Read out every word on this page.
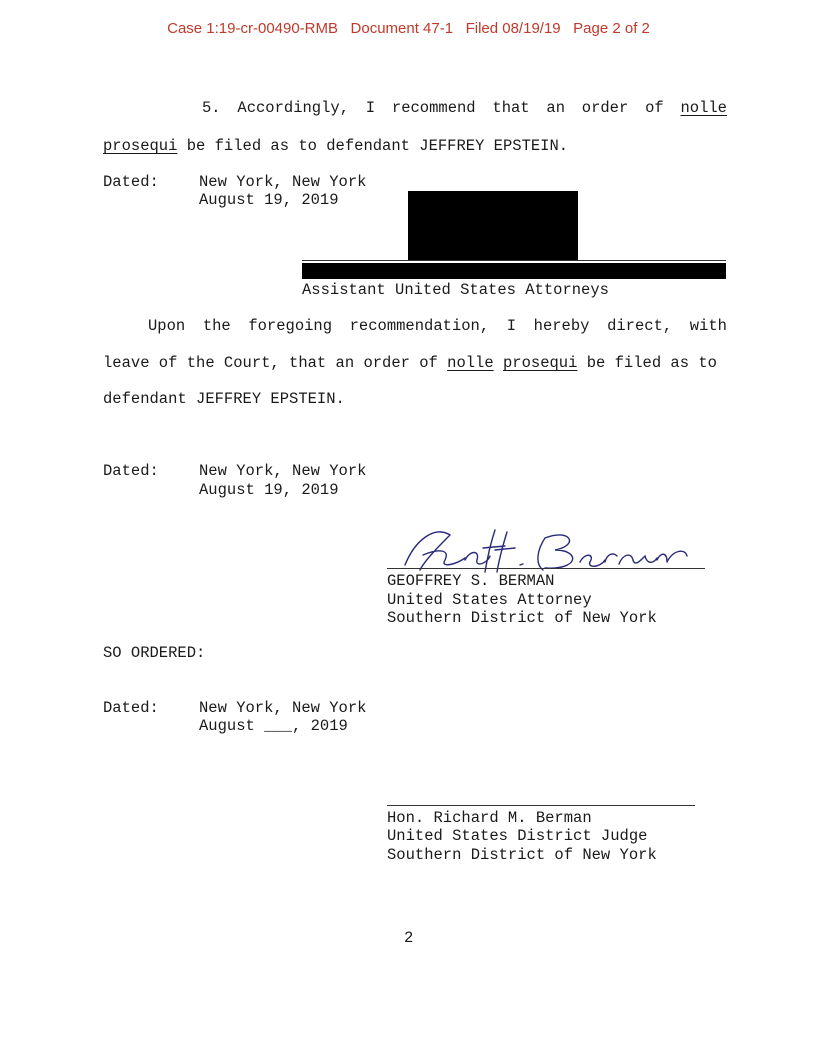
Case 1:19-cr-00490-RMB   Document 47-1   Filed 08/19/19   Page 2 of 2
5. Accordingly, I recommend that an order of nolle
prosequi be filed as to defendant JEFFREY EPSTEIN.
Dated:	New York, New York
August 19, 2019
Assistant United States Attorneys
Upon the foregoing recommendation, I hereby direct, with
leave of the Court, that an order of nolle prosequi be filed as to
defendant JEFFREY EPSTEIN.
Dated:	New York, New York
August 19, 2019
GEOFFREY S. BERMAN
United States Attorney
Southern District of New York
SO ORDERED:
Dated:	New York, New York
August ___, 2019
Hon. Richard M. Berman
United States District Judge
Southern District of New York
2
